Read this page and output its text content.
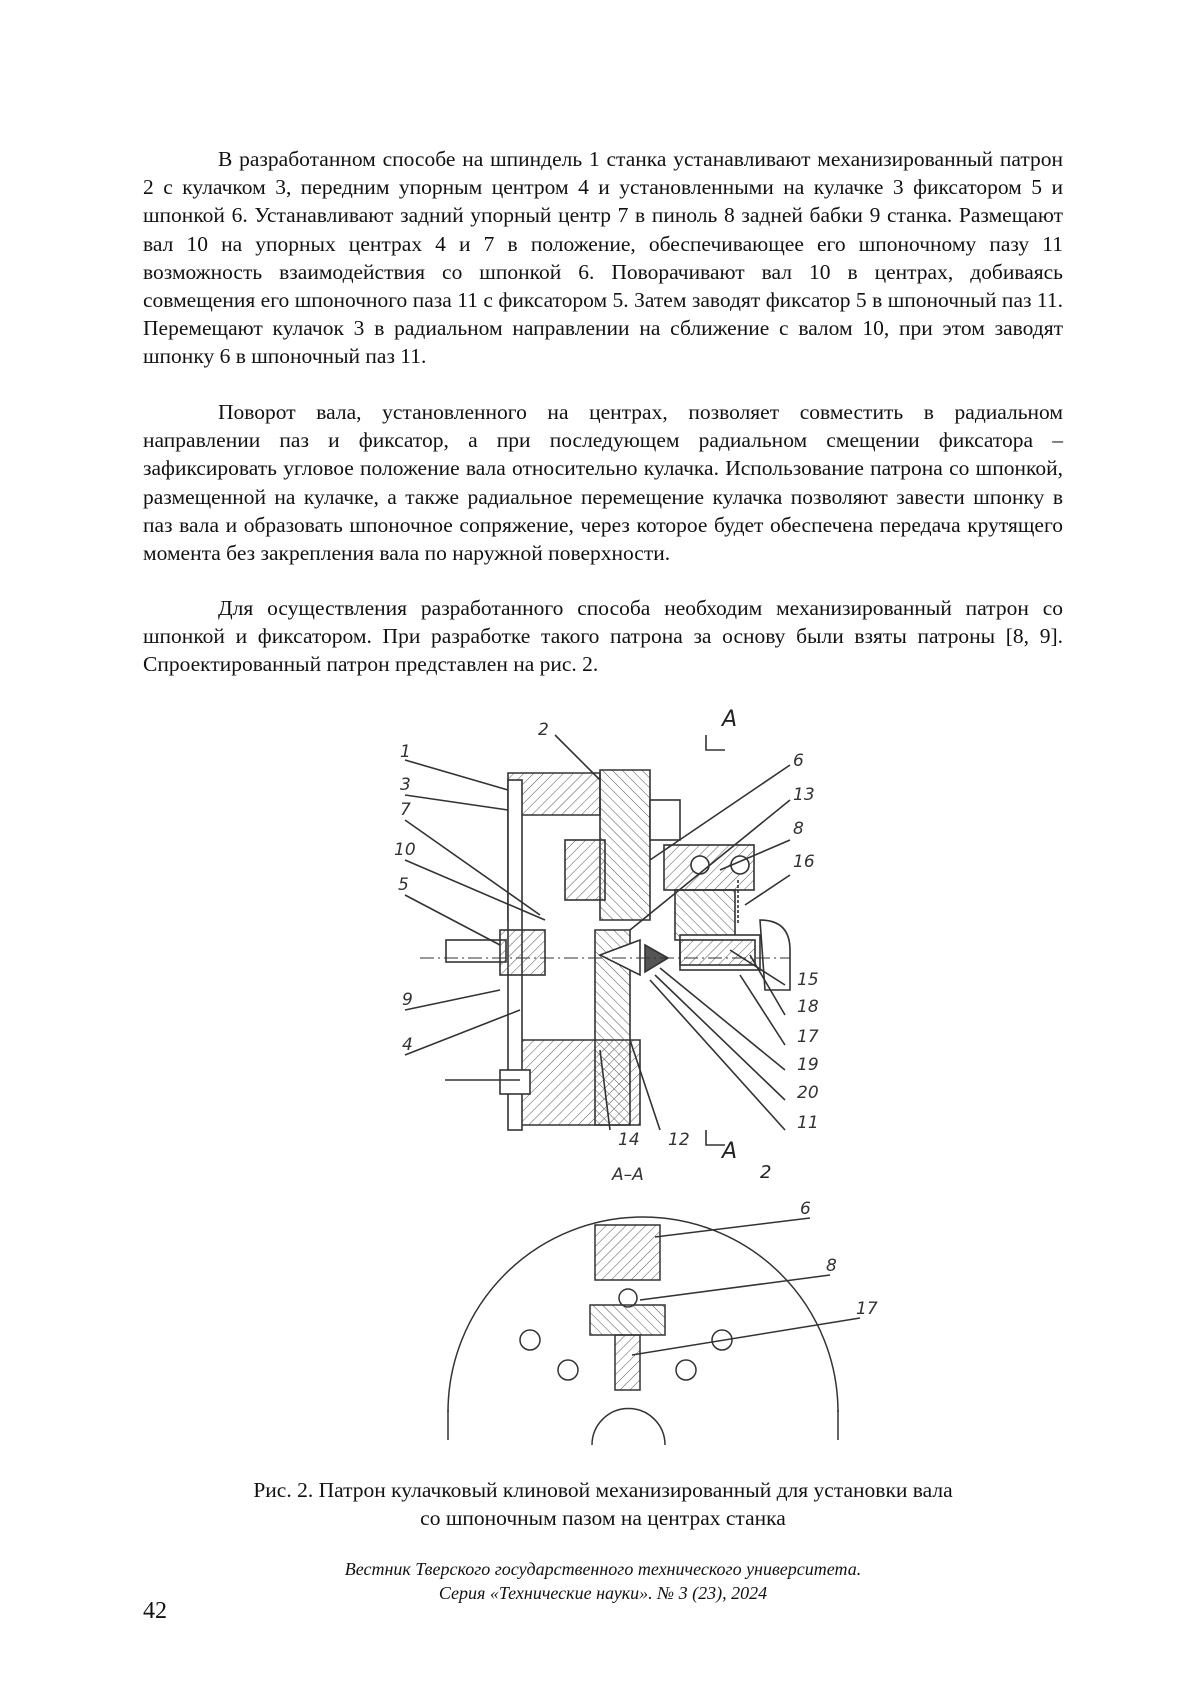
В разработанном способе на шпиндель 1 станка устанавливают механизированный патрон 2 с кулачком 3, передним упорным центром 4 и установленными на кулачке 3 фиксатором 5 и шпонкой 6. Устанавливают задний упорный центр 7 в пиноль 8 задней бабки 9 станка. Размещают вал 10 на упорных центрах 4 и 7 в положение, обеспечивающее его шпоночному пазу 11 возможность взаимодействия со шпонкой 6. Поворачивают вал 10 в центрах, добиваясь совмещения его шпоночного паза 11 с фиксатором 5. Затем заводят фиксатор 5 в шпоночный паз 11. Перемещают кулачок 3 в радиальном направлении на сближение с валом 10, при этом заводят шпонку 6 в шпоночный паз 11.

Поворот вала, установленного на центрах, позволяет совместить в радиальном направлении паз и фиксатор, а при последующем радиальном смещении фиксатора – зафиксировать угловое положение вала относительно кулачка. Использование патрона со шпонкой, размещенной на кулачке, а также радиальное перемещение кулачка позволяют завести шпонку в паз вала и образовать шпоночное сопряжение, через которое будет обеспечена передача крутящего момента без закрепления вала по наружной поверхности.

Для осуществления разработанного способа необходим механизированный патрон со шпонкой и фиксатором. При разработке такого патрона за основу были взяты патроны [8, 9]. Спроектированный патрон представлен на рис. 2.

А
А
1
2
3
7
10
5
9
4
6
13
8
16
15
18
17
19
20
11
12
14
А–А	2
6
8
17
Рис. 2. Патрон кулачковый клиновой механизированный для установки вала
со шпоночным пазом на центрах станка
Вестник Тверского государственного технического университета.
Серия «Технические науки». № 3 (23), 2024
42
